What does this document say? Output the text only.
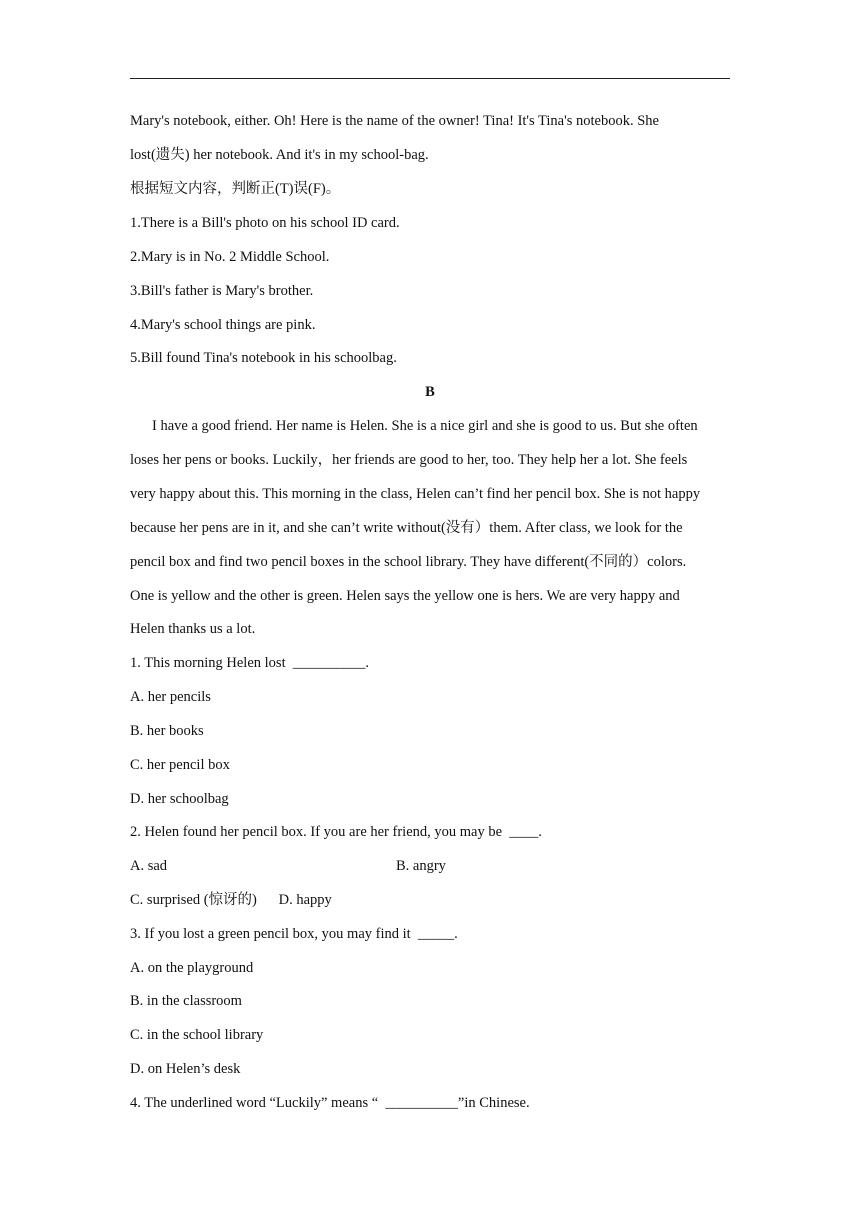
Mary's notebook, either. Oh! Here is the name of the owner! Tina! It's Tina's notebook. She

lost(遗失) her notebook. And it's in my school-bag.

根据短文内容，判断正(T)误(F)。

1.There is a Bill's photo on his school ID card.

2.Mary is in No. 2 Middle School.

3.Bill's father is Mary's brother.

4.Mary's school things are pink.

5.Bill found Tina's notebook in his schoolbag.

B

I have a good friend. Her name is Helen. She is a nice girl and she is good to us. But she often

loses her pens or books. Luckily，her friends are good to her, too. They help her a lot. She feels

very happy about this. This morning in the class, Helen can’t find her pencil box. She is not happy

because her pens are in it, and she can’t write without(没有）them. After class, we look for the

pencil box and find two pencil boxes in the school library. They have different(不同的）colors.

One is yellow and the other is green. Helen says the yellow one is hers. We are very happy and

Helen thanks us a lot.

1. This morning Helen lost  __________.

A. her pencils

B. her books

C. her pencil box

D. her schoolbag

2. Helen found her pencil box. If you are her friend, you may be  ____.

A. sad	B. angry

C. surprised (惊讶的)      D. happy

3. If you lost a green pencil box, you may find it  _____.

A. on the playground

B. in the classroom

C. in the school library

D. on Helen’s desk

4. The underlined word “Luckily” means “  __________”in Chinese.
